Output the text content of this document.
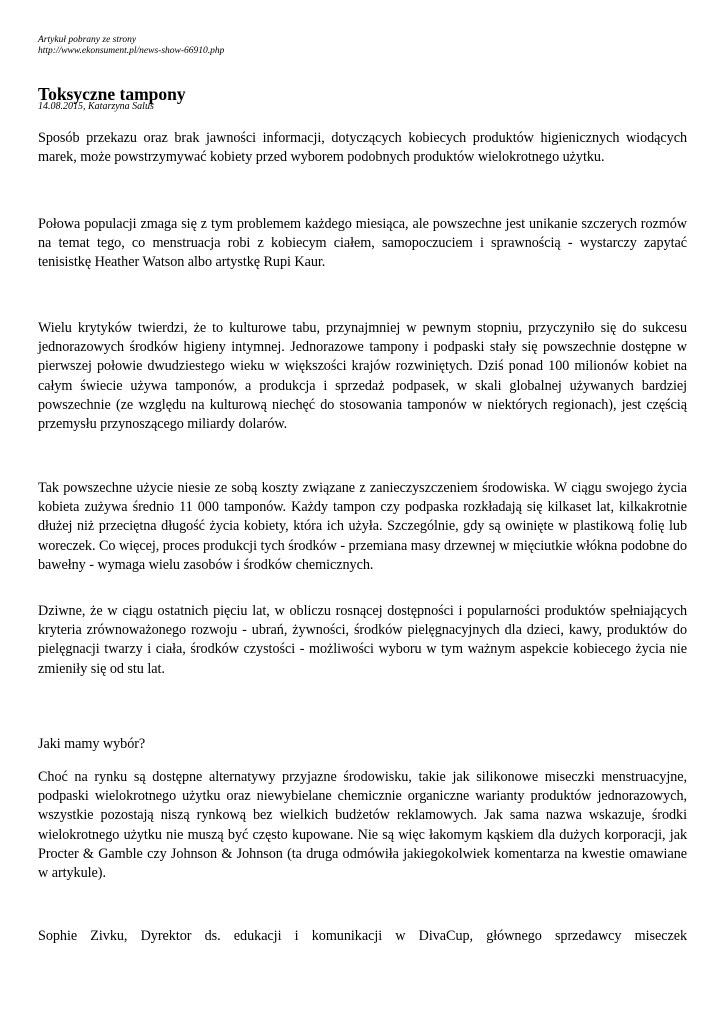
Artykuł pobrany ze strony
http://www.ekonsument.pl/news-show-66910.php
Toksyczne tampony
14.08.2015, Katarzyna Salus

Sposób przekazu oraz brak jawności informacji, dotyczących kobiecych produktów higienicznych wiodących marek, może powstrzymywać kobiety przed wyborem podobnych produktów wielokrotnego użytku.

Połowa populacji zmaga się z tym problemem każdego miesiąca, ale powszechne jest unikanie szczerych rozmów na temat tego, co menstruacja robi z kobiecym ciałem, samopoczuciem i sprawnością - wystarczy zapytać tenisistkę Heather Watson albo artystkę Rupi Kaur.

Wielu krytyków twierdzi, że to kulturowe tabu, przynajmniej w pewnym stopniu, przyczyniło się do sukcesu jednorazowych środków higieny intymnej. Jednorazowe tampony i podpaski stały się powszechnie dostępne w pierwszej połowie dwudziestego wieku w większości krajów rozwiniętych. Dziś ponad 100 milionów kobiet na całym świecie używa tamponów, a produkcja i sprzedaż podpasek, w skali globalnej używanych bardziej powszechnie (ze względu na kulturową niechęć do stosowania tamponów w niektórych regionach), jest częścią przemysłu przynoszącego miliardy dolarów.

Tak powszechne użycie niesie ze sobą koszty związane z zanieczyszczeniem środowiska. W ciągu swojego życia kobieta zużywa średnio 11 000 tamponów. Każdy tampon czy podpaska rozkładają się kilkaset lat, kilkakrotnie dłużej niż przeciętna długość życia kobiety, która ich użyła. Szczególnie, gdy są owinięte w plastikową folię lub woreczek. Co więcej, proces produkcji tych środków - przemiana masy drzewnej w mięciutkie włókna podobne do bawełny - wymaga wielu zasobów i środków chemicznych.

Dziwne, że w ciągu ostatnich pięciu lat, w obliczu rosnącej dostępności i popularności produktów spełniających kryteria zrównoważonego rozwoju - ubrań, żywności, środków pielęgnacyjnych dla dzieci, kawy, produktów do pielęgnacji twarzy i ciała, środków czystości - możliwości wyboru w tym ważnym aspekcie kobiecego życia nie zmieniły się od stu lat.

Jaki mamy wybór?

Choć na rynku są dostępne alternatywy przyjazne środowisku, takie jak silikonowe miseczki menstruacyjne, podpaski wielokrotnego użytku oraz niewybielane chemicznie organiczne warianty produktów jednorazowych, wszystkie pozostają niszą rynkową bez wielkich budżetów reklamowych. Jak sama nazwa wskazuje, środki wielokrotnego użytku nie muszą być często kupowane. Nie są więc łakomym kąskiem dla dużych korporacji, jak Procter & Gamble czy Johnson & Johnson (ta druga odmówiła jakiegokolwiek komentarza na kwestie omawiane w artykule).

Sophie Zivku, Dyrektor ds. edukacji i komunikacji w DivaCup, głównego sprzedawcy miseczek
